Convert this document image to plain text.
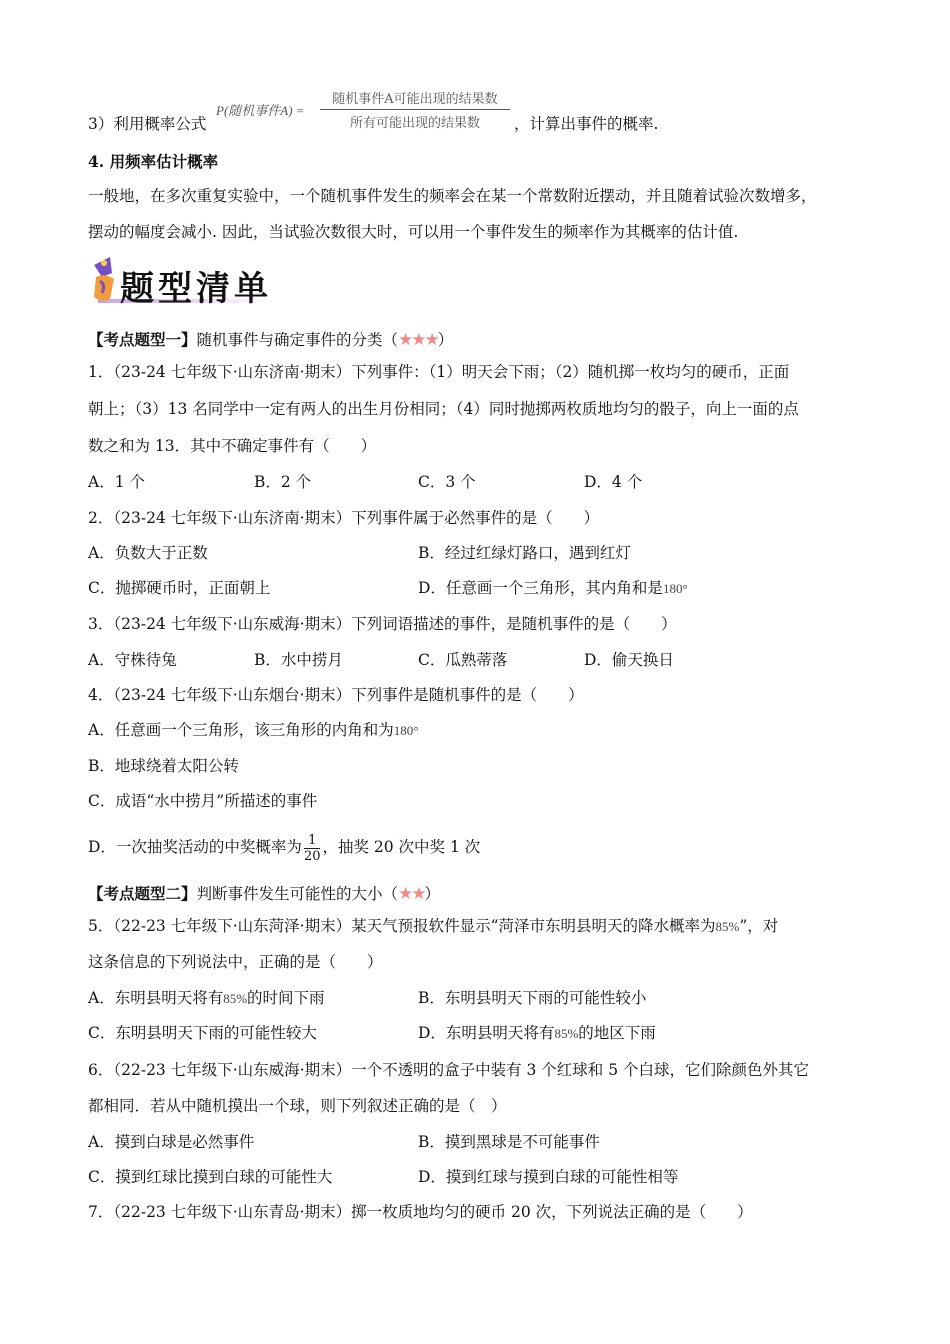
P(随机事件A) =
随机事件A可能出现的结果数
所有可能出现的结果数
3）利用概率公式	，计算出事件的概率.
4. 用频率估计概率
一般地，在多次重复实验中，一个随机事件发生的频率会在某一个常数附近摆动，并且随着试验次数增多，
摆动的幅度会减小. 因此，当试验次数很大时，可以用一个事件发生的频率作为其概率的估计值.
题型清单
【考点题型一】随机事件与确定事件的分类（★★★）
1．（23-24 七年级下·山东济南·期末）下列事件：（1）明天会下雨；（2）随机掷一枚均匀的硬币，正面
朝上；（3）13 名同学中一定有两人的出生月份相同；（4）同时抛掷两枚质地均匀的骰子，向上一面的点
数之和为 13．其中不确定事件有（　　）
A．1 个	B．2 个	C．3 个	D．4 个
2．（23-24 七年级下·山东济南·期末）下列事件属于必然事件的是（　　）
A．负数大于正数	B．经过红绿灯路口，遇到红灯
C．抛掷硬币时，正面朝上	D．任意画一个三角形，其内角和是180°
3．（23-24 七年级下·山东威海·期末）下列词语描述的事件，是随机事件的是（　　）
A．守株待兔	B．水中捞月	C．瓜熟蒂落	D．偷天换日
4．（23-24 七年级下·山东烟台·期末）下列事件是随机事件的是（　　）
A．任意画一个三角形，该三角形的内角和为180°
B．地球绕着太阳公转
C．成语“水中捞月”所描述的事件
D．一次抽奖活动的中奖概率为 $\frac{1}{20}$ ，抽奖 20 次中奖 1 次
【考点题型二】判断事件发生可能性的大小（★★）
5．（22-23 七年级下·山东菏泽·期末）某天气预报软件显示“菏泽市东明县明天的降水概率为85%”，对
这条信息的下列说法中，正确的是（　　）
A．东明县明天将有85%的时间下雨	B．东明县明天下雨的可能性较小
C．东明县明天下雨的可能性较大	D．东明县明天将有85%的地区下雨
6．（22-23 七年级下·山东威海·期末）一个不透明的盒子中装有 3 个红球和 5 个白球，它们除颜色外其它
都相同．若从中随机摸出一个球，则下列叙述正确的是（　）
A．摸到白球是必然事件	B．摸到黑球是不可能事件
C．摸到红球比摸到白球的可能性大	D．摸到红球与摸到白球的可能性相等
7．（22-23 七年级下·山东青岛·期末）掷一枚质地均匀的硬币 20 次，下列说法正确的是（　　）
